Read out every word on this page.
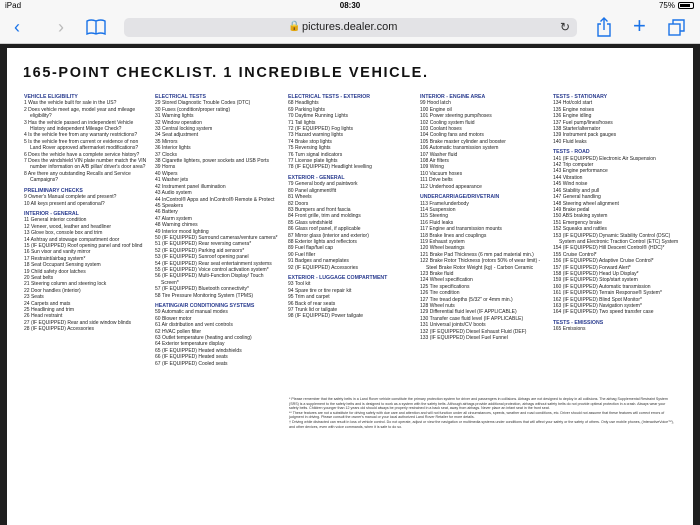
iPad	08:30	75%
‹ ›	🔒 pictures.dealer.com	↻	+
165-POINT CHECKLIST. 1 INCREDIBLE VEHICLE.
VEHICLE ELIGIBILITY
1 Was the vehicle built for sale in the US?
2 Does vehicle meet age, model year and mileage eligibility?
3 Has the vehicle passed an independent Vehicle History and independent Mileage Check?
4 Is the vehicle free from any warranty restrictions?
5 Is the vehicle free from current or evidence of non Land Rover approved aftermarket modifications?
6 Does the vehicle have a complete service history?
7 Does the windshield VIN plate number match the VIN number information on A/B pillar/ driver's door area?
8 Are there any outstanding Recalls and Service Campaigns?
PRELIMINARY CHECKS
9 Owner's Manual complete and present?
10 All keys present and operational?
INTERIOR - GENERAL
11 General interior condition
12 Veneer, wood, leather and headliner
13 Glove box, console box and trim
14 Ashtray and stowage compartment door
15 (IF EQUIPPED) Roof opening panel and roof blind
16 Sun visor and vanity mirror
17 Restraint/airbag system*
18 Seat Occupant Sensing system
19 Child safety door latches
20 Seat belts
21 Steering column and steering lock
22 Door handles (interior)
23 Seats
24 Carpets and mats
25 Headlining and trim
26 Head restraint
27 (IF EQUIPPED) Rear and side window blinds
28 (IF EQUIPPED) Accessories
ELECTRICAL TESTS
29 Stored Diagnostic Trouble Codes (DTC)
30 Fuses (condition/proper rating)
31 Warning lights
32 Window operation
33 Central locking system
34 Seat adjustment
35 Mirrors
36 Interior lights
37 Clocks
38 Cigarette lighters, power sockets and USB Ports
39 Horns
40 Wipers
41 Washer jets
42 Instrument panel illumination
43 Audio system
44 InControl® Apps and InControl® Remote & Protect
45 Speakers
46 Battery
47 Alarm system
48 Warning chimes
49 Interior mood lighting
50 (IF EQUIPPED) Surround cameras/venture camera*
51 (IF EQUIPPED) Rear reversing camera*
52 (IF EQUIPPED) Parking aid sensors*
53 (IF EQUIPPED) Sunroof opening panel
54 (IF EQUIPPED) Rear seat entertainment systems
55 (IF EQUIPPED) Voice control activation system*
56 (IF EQUIPPED) Multi-Function Display/ Touch Screen*
57 (IF EQUIPPED) Bluetooth connectivity*
58 Tire Pressure Monitoring System (TPMS)
HEATING/AIR CONDITIONING SYSTEMS
59 Automatic and manual modes
60 Blower motor
61 Air distribution and vent controls
62 HVAC pollen filter
63 Outlet temperature (heating and cooling)
64 Exterior temperature display
65 (IF EQUIPPED) Heated windshields
66 (IF EQUIPPED) Heated seats
67 (IF EQUIPPED) Cooled seats
ELECTRICAL TESTS - EXTERIOR
68 Headlights
69 Parking lights
70 Daytime Running Lights
71 Tail lights
72 (IF EQUIPPED) Fog lights
73 Hazard warning lights
74 Brake stop lights
75 Reversing lights
76 Turn signal indicators
77 License plate lights
78 (IF EQUIPPED) Headlight levelling
EXTERIOR - GENERAL
79 General body and paintwork
80 Panel alignment/fit
81 Wheels
82 Doors
83 Bumpers and front fascia
84 Front grille, trim and moldings
85 Glass windshield
86 Glass roof panel, if applicable
87 Mirror glass (interior and exterior)
88 Exterior lights and reflectors
89 Fuel flap/fuel cap
90 Fuel filler
91 Badges and nameplates
92 (IF EQUIPPED) Accessories
EXTERIOR - LUGGAGE COMPARTMENT
93 Tool kit
94 Spare tire or tire repair kit
95 Trim and carpet
96 Back of rear seats
97 Trunk lid or tailgate
98 (IF EQUIPPED) Power tailgate
INTERIOR - ENGINE AREA
99 Hood latch
100 Engine oil
101 Power steering pump/hoses
102 Cooling system fluid
103 Coolant hoses
104 Cooling fans and motors
105 Brake master cylinder and booster
106 Automatic transmission system
107 Washer fluid
108 Air filters
109 Wiring
110 Vacuum hoses
111 Drive belts
112 Underhood appearance
UNDERCARRIAGE/DRIVETRAIN
113 Frame/underbody
114 Suspension
115 Steering
116 Fluid leaks
117 Engine and transmission mounts
118 Brake lines and couplings
119 Exhaust system
120 Wheel bearings
121 Brake Pad Thickness (6 mm pad material min.)
122 Brake Rotor Thickness (rotors 50% of wear limit) - Steel Brake Rotor Weight (kg) - Carbon Ceramic
123 Brake fluid
124 Wheel specification
125 Tire specifications
126 Tire condition
127 Tire tread depths (5/32" or 4mm min.)
128 Wheel nuts
129 Differential fluid level (IF APPLICABLE)
130 Transfer case fluid level (IF APPLICABLE)
131 Universal joints/CV boots
132 (IF EQUIPPED) Diesel Exhaust Fluid (DEF)
133 (IF EQUIPPED) Diesel Fuel Funnel
TESTS - STATIONARY
134 Hot/cold start
135 Engine noises
136 Engine idling
137 Fuel pump/lines/hoses
138 Starter/alternator
139 Instrument pack gauges
140 Fluid leaks
TESTS - ROAD
141 (IF EQUIPPED) Electronic Air Suspension
142 Trip computer
143 Engine performance
144 Vibration
145 Wind noise
146 Stability and pull
147 General handling
148 Steering wheel alignment
149 Brake pedal
150 ABS braking system
151 Emergency brake
152 Squeaks and rattles
153 (IF EQUIPPED) Dynamic Stability Control (DSC) System and Electronic Traction Control (ETC) System
154 (IF EQUIPPED) Hill Descent Control® (HDC)*
155 Cruise Control*
156 (IF EQUIPPED) Adaptive Cruise Control*
157 (IF EQUIPPED) Forward Alert*
158 (IF EQUIPPED) Head Up Display*
159 (IF EQUIPPED) Stop/start system
160 (IF EQUIPPED) Automatic transmission
161 (IF EQUIPPED) Terrain Response® System*
162 (IF EQUIPPED) Blind Spot Monitor*
163 (IF EQUIPPED) Navigation system*
164 (IF EQUIPPED) Two speed transfer case
TESTS - EMISSIONS
165 Emissions

* Please remember that the safety belts in a Land Rover vehicle constitute the primary protection system for driver and passengers in collisions. Airbags are not designed to deploy in all collisions. The airbag Supplemental Restraint System (SRS) is a supplement to the safety belts and is designed to work as a system with the safety belts. Although airbags provide additional protection, airbags without safety belts do not provide optimal protection in a crash. Always wear your safety belts. Children younger than 12 years old should always be properly restrained in a back seat, away from airbags. Never place an infant seat in the front seat.

** These features are not a substitute for driving safely with due care and attention and will not function under all circumstances, speeds, weather and road conditions, etc. Driver should not assume that these features will correct errors of judgment in driving. Please consult the owner's manual or your local authorized Land Rover Retailer for more details.

† Driving while distracted can result in loss of vehicle control. Do not operate, adjust or view the navigation or multimedia systems under conditions that will affect your safety or the safety of others. Only use mobile phones, (InteractiveVoice™), and other devices, even with voice commands, when it is safe to do so.
